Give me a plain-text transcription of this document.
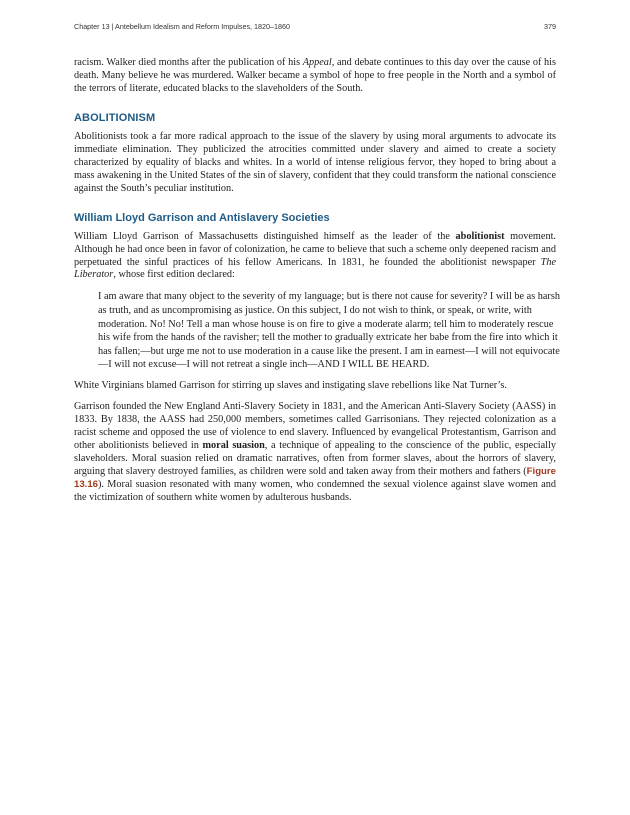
Chapter 13 | Antebellum Idealism and Reform Impulses, 1820–1860	379

racism. Walker died months after the publication of his Appeal, and debate continues to this day over the cause of his death. Many believe he was murdered. Walker became a symbol of hope to free people in the North and a symbol of the terrors of literate, educated blacks to the slaveholders of the South.

ABOLITIONISM

Abolitionists took a far more radical approach to the issue of the slavery by using moral arguments to advocate its immediate elimination. They publicized the atrocities committed under slavery and aimed to create a society characterized by equality of blacks and whites. In a world of intense religious fervor, they hoped to bring about a mass awakening in the United States of the sin of slavery, confident that they could transform the national conscience against the South’s peculiar institution.

William Lloyd Garrison and Antislavery Societies

William Lloyd Garrison of Massachusetts distinguished himself as the leader of the abolitionist movement. Although he had once been in favor of colonization, he came to believe that such a scheme only deepened racism and perpetuated the sinful practices of his fellow Americans. In 1831, he founded the abolitionist newspaper The Liberator, whose first edition declared:

I am aware that many object to the severity of my language; but is there not cause for severity? I will be as harsh as truth, and as uncompromising as justice. On this subject, I do not wish to think, or speak, or write, with moderation. No! No! Tell a man whose house is on fire to give a moderate alarm; tell him to moderately rescue his wife from the hands of the ravisher; tell the mother to gradually extricate her babe from the fire into which it has fallen;—but urge me not to use moderation in a cause like the present. I am in earnest—I will not equivocate—I will not excuse—I will not retreat a single inch—AND I WILL BE HEARD.

White Virginians blamed Garrison for stirring up slaves and instigating slave rebellions like Nat Turner’s.

Garrison founded the New England Anti-Slavery Society in 1831, and the American Anti-Slavery Society (AASS) in 1833. By 1838, the AASS had 250,000 members, sometimes called Garrisonians. They rejected colonization as a racist scheme and opposed the use of violence to end slavery. Influenced by evangelical Protestantism, Garrison and other abolitionists believed in moral suasion, a technique of appealing to the conscience of the public, especially slaveholders. Moral suasion relied on dramatic narratives, often from former slaves, about the horrors of slavery, arguing that slavery destroyed families, as children were sold and taken away from their mothers and fathers (Figure 13.16). Moral suasion resonated with many women, who condemned the sexual violence against slave women and the victimization of southern white women by adulterous husbands.
